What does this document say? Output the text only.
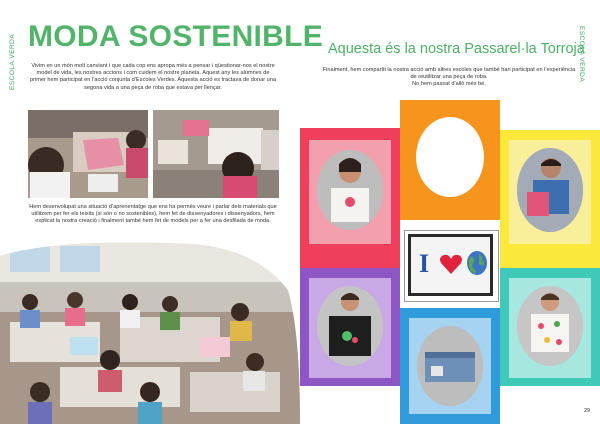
ESCOLA VERDA	ESCOLA VERDA
MODA SOSTENIBLE Aquesta és la nostra Passarel·la Torroja
Vivim en un món molt canviant i que cada cop ens apropa més a pensar i qüestionar-nos el nostre model de vida, les nostres accions i com cuidem el nostre planeta. Aquest any les alumnes de primer hem participat en l’acció conjunta d’Escoles Verdes. Aquesta acció es tractava de donar una segona vida a una peça de roba que estava per llençar.
Hem desenvolupat una situació d’aprenentatge que ens ha permès veure i parlar dels materials que utilitzem per fer els teixits (si són o no sostenibles), hem fet de dissenyadores i dissenyadors, hem explicat la nostra creació i finalment també hem fet de models per a fer una desfilada de moda.
Finalment, hem compartit la nostra acció amb altres escoles que també han participat en l’experiència de reutilitzar una peça de roba.
No hem passat d’allò més bé.
I
29
